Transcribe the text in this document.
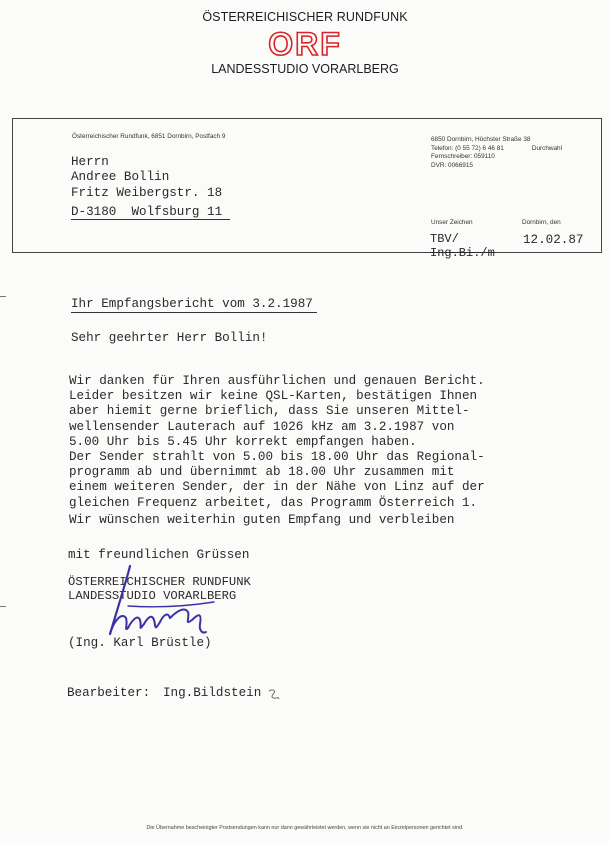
ÖSTERREICHISCHER RUNDFUNK
ORF
LANDESSTUDIO VORARLBERG
Österreichischer Rundfunk, 6851 Dornbirn, Postfach 9
Herrn
Andree Bollin
Fritz Weibergstr. 18
D-3180  Wolfsburg 11
6850 Dornbirn, Höchster Straße 38
Telefon: (0 55 72) 6 46 81	Durchwahl
Fernschreiber: 059110
DVR: 0066915
Unser Zeichen	Dornbirn, den
TBV/
Ing.Bi./m
12.02.87
Ihr Empfangsbericht vom 3.2.1987
Sehr geehrter Herr Bollin!
Wir danken für Ihren ausführlichen und genauen Bericht.
Leider besitzen wir keine QSL-Karten, bestätigen Ihnen
aber hiemit gerne brieflich, dass Sie unseren Mittel-
wellensender Lauterach auf 1026 kHz am 3.2.1987 von
5.00 Uhr bis 5.45 Uhr korrekt empfangen haben.
Der Sender strahlt von 5.00 bis 18.00 Uhr das Regional-
programm ab und übernimmt ab 18.00 Uhr zusammen mit
einem weiteren Sender, der in der Nähe von Linz auf der
gleichen Frequenz arbeitet, das Programm Österreich 1.
Wir wünschen weiterhin guten Empfang und verbleiben
mit freundlichen Grüssen
ÖSTERREICHISCHER RUNDFUNK
LANDESSTUDIO VORARLBERG
(Ing. Karl Brüstle)
Bearbeiter: Ing.Bildstein
Die Übernahme bescheinigter Postsendungen kann nur dann gewährleistet werden, wenn sie nicht an Einzelpersonen gerichtet sind.
